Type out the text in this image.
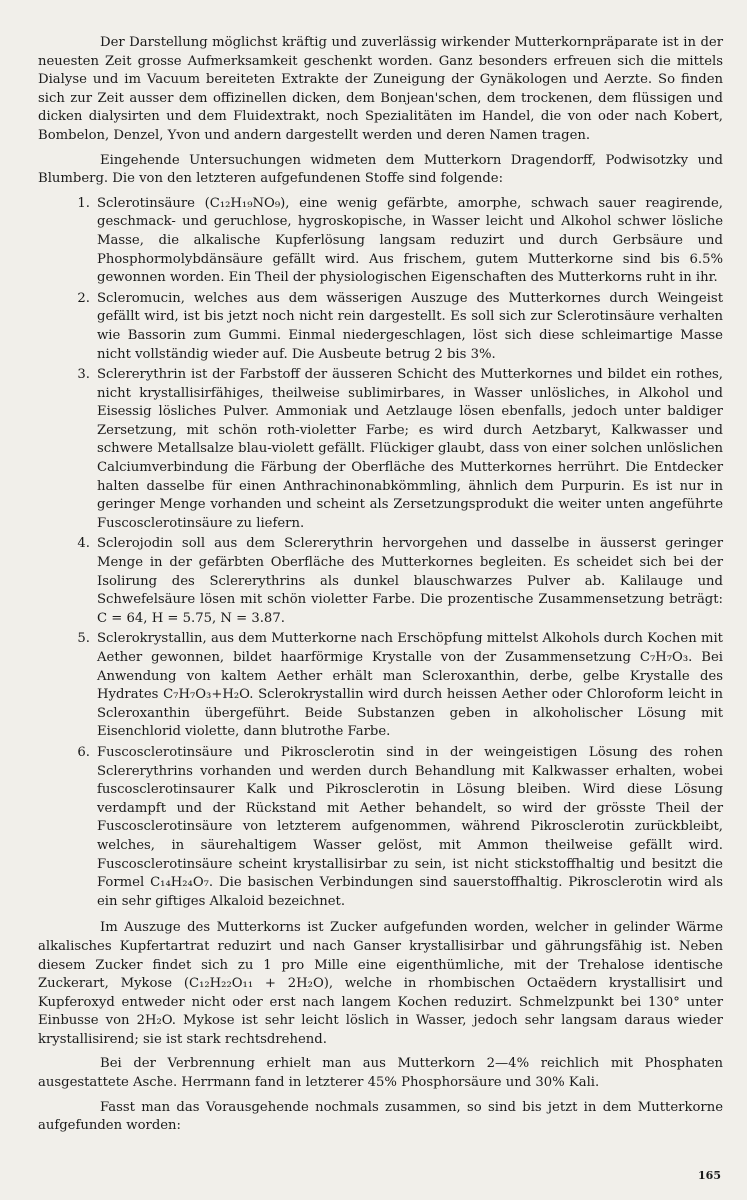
Der Darstellung möglichst kräftig und zuverlässig wirkender Mutterkornpräparate ist in der neuesten Zeit grosse Aufmerksamkeit geschenkt worden. Ganz besonders erfreuen sich die mittels Dialyse und im Vacuum bereiteten Extrakte der Zuneigung der Gynäkologen und Aerzte. So finden sich zur Zeit ausser dem offizinellen dicken, dem Bonjean'schen, dem trockenen, dem flüssigen und dicken dialysirten und dem Fluidextrakt, noch Spezialitäten im Handel, die von oder nach Kobert, Bombelon, Denzel, Yvon und andern dargestellt werden und deren Namen tragen.

Eingehende Untersuchungen widmeten dem Mutterkorn Dragendorff, Podwisotzky und Blumberg. Die von den letzteren aufgefundenen Stoffe sind folgende:

1. Sclerotinsäure (C₁₂H₁₉NO₉), eine wenig gefärbte, amorphe, schwach sauer reagirende, geschmack- und geruchlose, hygroskopische, in Wasser leicht und Alkohol schwer lösliche Masse, die alkalische Kupferlösung langsam reduzirt und durch Gerbsäure und Phosphormolybdänsäure gefällt wird. Aus frischem, gutem Mutterkorne sind bis 6.5% gewonnen worden. Ein Theil der physiologischen Eigenschaften des Mutterkorns ruht in ihr.
2. Scleromucin, welches aus dem wässerigen Auszuge des Mutterkornes durch Weingeist gefällt wird, ist bis jetzt noch nicht rein dargestellt. Es soll sich zur Sclerotinsäure verhalten wie Bassorin zum Gummi. Einmal niedergeschlagen, löst sich diese schleimartige Masse nicht vollständig wieder auf. Die Ausbeute betrug 2 bis 3%.
3. Sclererythrin ist der Farbstoff der äusseren Schicht des Mutterkornes und bildet ein rothes, nicht krystallisirfähiges, theilweise sublimirbares, in Wasser unlösliches, in Alkohol und Eisessig lösliches Pulver. Ammoniak und Aetzlauge lösen ebenfalls, jedoch unter baldiger Zersetzung, mit schön roth-violetter Farbe; es wird durch Aetzbaryt, Kalkwasser und schwere Metallsalze blau-violett gefällt. Flückiger glaubt, dass von einer solchen unlöslichen Calciumverbindung die Färbung der Oberfläche des Mutterkornes herrührt. Die Entdecker halten dasselbe für einen Anthrachinonabkömmling, ähnlich dem Purpurin. Es ist nur in geringer Menge vorhanden und scheint als Zersetzungsprodukt die weiter unten angeführte Fuscosclerotinsäure zu liefern.
4. Sclerojodin soll aus dem Sclererythrin hervorgehen und dasselbe in äusserst geringer Menge in der gefärbten Oberfläche des Mutterkornes begleiten. Es scheidet sich bei der Isolirung des Sclererythrins als dunkel blauschwarzes Pulver ab. Kalilauge und Schwefelsäure lösen mit schön violetter Farbe. Die prozentische Zusammensetzung beträgt: C = 64, H = 5.75, N = 3.87.
5. Sclerokrystallin, aus dem Mutterkorne nach Erschöpfung mittelst Alkohols durch Kochen mit Aether gewonnen, bildet haarförmige Krystalle von der Zusammensetzung C₇H₇O₃. Bei Anwendung von kaltem Aether erhält man Scleroxanthin, derbe, gelbe Krystalle des Hydrates C₇H₇O₃+H₂O. Sclerokrystallin wird durch heissen Aether oder Chloroform leicht in Scleroxanthin übergeführt. Beide Substanzen geben in alkoholischer Lösung mit Eisenchlorid violette, dann blutrothe Farbe.
6. Fuscosclerotinsäure und Pikrosclerotin sind in der weingeistigen Lösung des rohen Sclererythrins vorhanden und werden durch Behandlung mit Kalkwasser erhalten, wobei fuscosclerotinsaurer Kalk und Pikrosclerotin in Lösung bleiben. Wird diese Lösung verdampft und der Rückstand mit Aether behandelt, so wird der grösste Theil der Fuscosclerotinsäure von letzterem aufgenommen, während Pikrosclerotin zurückbleibt, welches, in säurehaltigem Wasser gelöst, mit Ammon theilweise gefällt wird. Fuscosclerotinsäure scheint krystallisirbar zu sein, ist nicht stickstoffhaltig und besitzt die Formel C₁₄H₂₄O₇. Die basischen Verbindungen sind sauerstoffhaltig. Pikrosclerotin wird als ein sehr giftiges Alkaloid bezeichnet.

Im Auszuge des Mutterkorns ist Zucker aufgefunden worden, welcher in gelinder Wärme alkalisches Kupfertartrat reduzirt und nach Ganser krystallisirbar und gährungsfähig ist. Neben diesem Zucker findet sich zu 1 pro Mille eine eigenthümliche, mit der Trehalose identische Zuckerart, Mykose (C₁₂H₂₂O₁₁ + 2H₂O), welche in rhombischen Octaëdern krystallisirt und Kupferoxyd entweder nicht oder erst nach langem Kochen reduzirt. Schmelzpunkt bei 130° unter Einbusse von 2H₂O. Mykose ist sehr leicht löslich in Wasser, jedoch sehr langsam daraus wieder krystallisirend; sie ist stark rechtsdrehend.

Bei der Verbrennung erhielt man aus Mutterkorn 2—4% reichlich mit Phosphaten ausgestattete Asche. Herrmann fand in letzterer 45% Phosphorsäure und 30% Kali.

Fasst man das Vorausgehende nochmals zusammen, so sind bis jetzt in dem Mutterkorne aufgefunden worden:

165
